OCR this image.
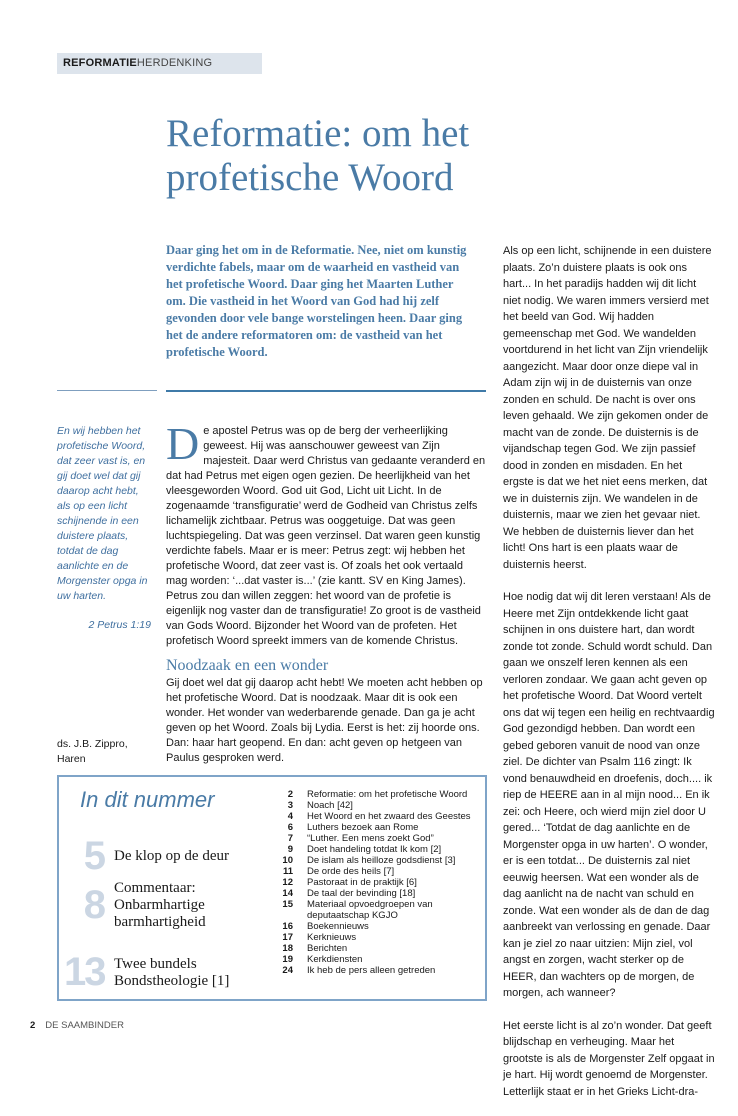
REFORMATIEHERDENKING
Reformatie: om het profetische Woord

Daar ging het om in de Reformatie. Nee, niet om kunstig verdichte fabels, maar om de waarheid en vastheid van het profetische Woord. Daar ging het Maarten Luther om. Die vastheid in het Woord van God had hij zelf gevonden door vele bange worstelingen heen. Daar ging het de andere reformatoren om: de vastheid van het profetische Woord.

En wij hebben het profetische Woord, dat zeer vast is, en gij doet wel dat gij daarop acht hebt, als op een licht schijnende in een duistere plaats, totdat de dag aanlichte en de Morgenster opga in uw harten.

2 Petrus 1:19
ds. J.B. Zippro,
Haren
D e apostel Petrus was op de berg der verheerlijking geweest. Hij was aanschouwer geweest van Zijn majesteit. Daar werd Christus van gedaante veranderd en dat had Petrus met eigen ogen gezien. De heerlijkheid van het vleesgeworden Woord. God uit God, Licht uit Licht. In de zogenaamde ‘transfiguratie’ werd de Godheid van Christus zelfs lichamelijk zichtbaar. Petrus was ooggetuige. Dat was geen luchtspiegeling. Dat was geen verzinsel. Dat waren geen kunstig verdichte fabels. Maar er is meer: Petrus zegt: wij hebben het profetische Woord, dat zeer vast is. Of zoals het ook vertaald mag worden: ‘...dat vaster is...’ (zie kantt. SV en King James). Petrus zou dan willen zeggen: het woord van de profetie is eigenlijk nog vaster dan de transfiguratie! Zo groot is de vastheid van Gods Woord. Bijzonder het Woord van de profeten. Het profetisch Woord spreekt immers van de komende Christus.
Noodzaak en een wonder
Gij doet wel dat gij daarop acht hebt! We moeten acht hebben op het profetische Woord. Dat is noodzaak. Maar dit is ook een wonder. Het wonder van wederbarende genade. Dan ga je acht geven op het Woord. Zoals bij Lydia. Eerst is het: zij hoorde ons. Dan: haar hart geopend. En dan: acht geven op hetgeen van Paulus gesproken werd.

Als op een licht, schijnende in een duistere plaats. Zo’n duistere plaats is ook ons hart... In het paradijs hadden wij dit licht niet nodig. We waren immers versierd met het beeld van God. Wij hadden gemeenschap met God. We wandelden voortdurend in het licht van Zijn vriendelijk aangezicht. Maar door onze diepe val in Adam zijn wij in de duisternis van onze zonden en schuld. De nacht is over ons leven gehaald. We zijn gekomen onder de macht van de zonde. De duisternis is de vijandschap tegen God. We zijn passief dood in zonden en misdaden. En het ergste is dat we het niet eens merken, dat we in duisternis zijn. We wandelen in de duisternis, maar we zien het gevaar niet. We hebben de duisternis liever dan het licht! Ons hart is een plaats waar de duisternis heerst.

Hoe nodig dat wij dit leren verstaan! Als de Heere met Zijn ontdekkende licht gaat schijnen in ons duistere hart, dan wordt zonde tot zonde. Schuld wordt schuld. Dan gaan we onszelf leren kennen als een verloren zondaar. We gaan acht geven op het profetische Woord. Dat Woord vertelt ons dat wij tegen een heilig en rechtvaardig God gezondigd hebben. Dan wordt een gebed geboren vanuit de nood van onze ziel. De dichter van Psalm 116 zingt: Ik vond benauwdheid en droefenis, doch.... ik riep de HEERE aan in al mijn nood... En ik zei: och Heere, och wierd mijn ziel door U gered... ‘Totdat de dag aanlichte en de Morgenster opga in uw harten’. O wonder, er is een totdat... De duisternis zal niet eeuwig heersen. Wat een wonder als de dag aanlicht na de nacht van schuld en zonde. Wat een wonder als de dan de dag aanbreekt van verlossing en genade. Daar kan je ziel zo naar uitzien: Mijn ziel, vol angst en zorgen, wacht sterker op de HEER, dan wachters op de morgen, de morgen, ach wanneer?

Het eerste licht is al zo’n wonder. Dat geeft blijdschap en verheuging. Maar het grootste is als de Morgenster Zelf opgaat in je hart. Hij wordt genoemd de Morgenster. Letterlijk staat er in het Grieks Licht-dra-

In dit nummer
5 De klop op de deur
8 Commentaar: Onbarmhartige barmhartigheid
13 Twee bundels Bondstheologie [1]
2 Reformatie: om het profetische Woord
3 Noach [42]
4 Het Woord en het zwaard des Geestes
6 Luthers bezoek aan Rome
7 “Luther. Een mens zoekt God”
9 Doet handeling totdat Ik kom [2]
10 De islam als heilloze godsdienst [3]
11 De orde des heils [7]
12 Pastoraat in de praktijk [6]
14 De taal der bevinding [18]
15 Materiaal opvoedgroepen van deputaatschap KGJO
16 Boekennieuws
17 Kerknieuws
18 Berichten
19 Kerkdiensten
24 Ik heb de pers alleen getreden
2 DE SAAMBINDER
